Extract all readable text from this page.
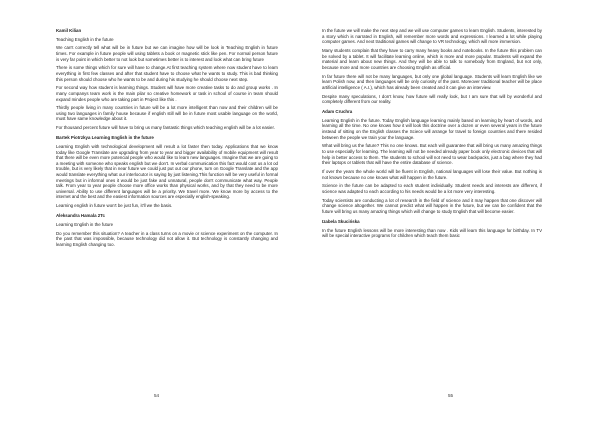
Kamil Kilian

Teaching English in the future

We can't correctly tell what will be in future but we can imagine how will be look in Teaching English in future times. For example in future people will using tablets a book or magnetic stick like pen. For normal person future is very far point in which better to not look but sometimes better is to interest and look what can bring future

There is some things which for sure will have to change.At first teaching system where now student have to learn everything in first few classes and after that student have to choose what he wants to study. This is bad thinking this person should choose who he wants to be and during his studying he should choose next step.

For second way how student is learning things. Student will have more creative tasks to do and group works . In many companys team work is the main pilar so creative homework or task in school of course in team should expand mindes people who are taking part in Project like this .

Thirdly people living in many countries in future will be a lot more intelligent than now and their children will be using two languages in family house because if english still will be in future most usable language on the world, must have same knowledge about it.

For thousand percent future will have to bring us many fantastic things which teaching english will be a lot easier.

Bartek Piotrzkya Learning English in the future

Learning English with technological development will result a lot faster then today. Applications that we know today like Google Translate are upgrading from year to year and bigger availability of mobile equipment will result that there will be even more potencial people who would like to learn new languages. Imagine that we are going to a meeting with someone who speaks english but we don't. In verbal communication this fact would cost us a lot od trouble, but is very likely that in near future we could just put out our phone, turn on Google Translate and the app would translate everything what our interlocutor is saying by just listening.This function will be very useful in formal meetings but in informal ones it would be just fake and unnatural, people don't communicate what way. People talk. From year to year people choose more office works than physical works, and by that they need to be more universal. Ability to use different languages will be a priority. We travel more. We know more by access to the internet and the best and the easiest information sources are especially english-speaking.

Learning english in future won't be just fun, it'll we the basis.

Aleksandra Hamala 2Tc

Learning English in the future

Do you remember this situation? A teacher in a class turns on a movie or science experiment on the computer. In the past that was impossible, because technology did not allow it. But technology is constantly changing and learning English changing too.

54

In the future we will make the next step and we will use computer games to learn English. Students, interested by a story which is narrated in English, will remember more words and expressions. I learned a lot while playing computer games. And next traditional games will change to VR technology, which will more immersion.

Many students complain that they have to carry many heavy books and notebooks. In the future this problem can be solved by a tablet. It will facilitate learning online, which is more and more popular. Students will expand the material and learn about new things. And they will be able to talk to somebody from England, but not only, because more and more countries are choosing English as official.

In far future there will not be many languages, but only one global language. Students will learn English like we learn Polish now, and then languages will be only curiosity of the past. Moreover traditional teacher will be place artificial intelligence ( A.I.), which has already been created and it can give an interview.

Despite many speculations, I don't know, how future will really look, but I am sure that will by wonderful and completely different from our reality.

Adam Cruchra

Learning English in the future. Today English language learning mainly based on learning by heart of words, and learning all the time. No one knows how it will look this doctrine over a dozen or even several years in the future instead of sitting on the English classes the Sciece will arrange for travel to foreign countries and there resided between the people we train your the language.

What will bring us the future? This no one knows. But each will guarantee that will bring us many amazing things to use especially for learning. The learning will not be needed already paper book only electronic devices that will help in better access to them. The students to school will not need to wear backpacks, just a bag where they had their laptops or tablets that will have the entire database of science.

If over the years the whole world will be fluent in English, national languages will lose their value. But nothing is not known because no one knows what will happen in the future.

Science in the future can be adapted to each student individually. Student needs and interests are different, if science was adapted to each according to his needs would be a lot more very interesting.

Today scientists are conducting a lot of research in the field of science and it may happen that one discover will change science altogether. We cannot predict what will happen in the future, but we can be confident that the future will bring us many amazing things which will change to study English that will become easier.

Izabela Skucińska

In the future English lessons will be more interesting than now . Kids will learn this language for birthday. In TV will be special interactive programs for children which teach them basic

55
